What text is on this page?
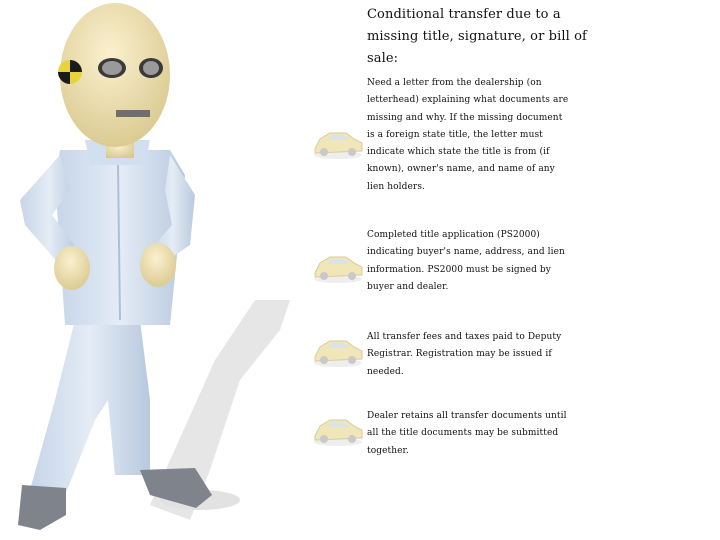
Conditional transfer due to a missing title, signature, or bill of sale:
Need a letter from the dealership (on letterhead) explaining what documents are missing and why. If the missing document is a foreign state title, the letter must indicate which state the title is from (if known), owner's name, and name of any lien holders.
Completed title application (PS2000) indicating buyer's name, address, and lien information. PS2000 must be signed by buyer and dealer.
All transfer fees and taxes paid to Deputy Registrar. Registration may be issued if needed.
Dealer retains all transfer documents until all the title documents may be submitted together.
